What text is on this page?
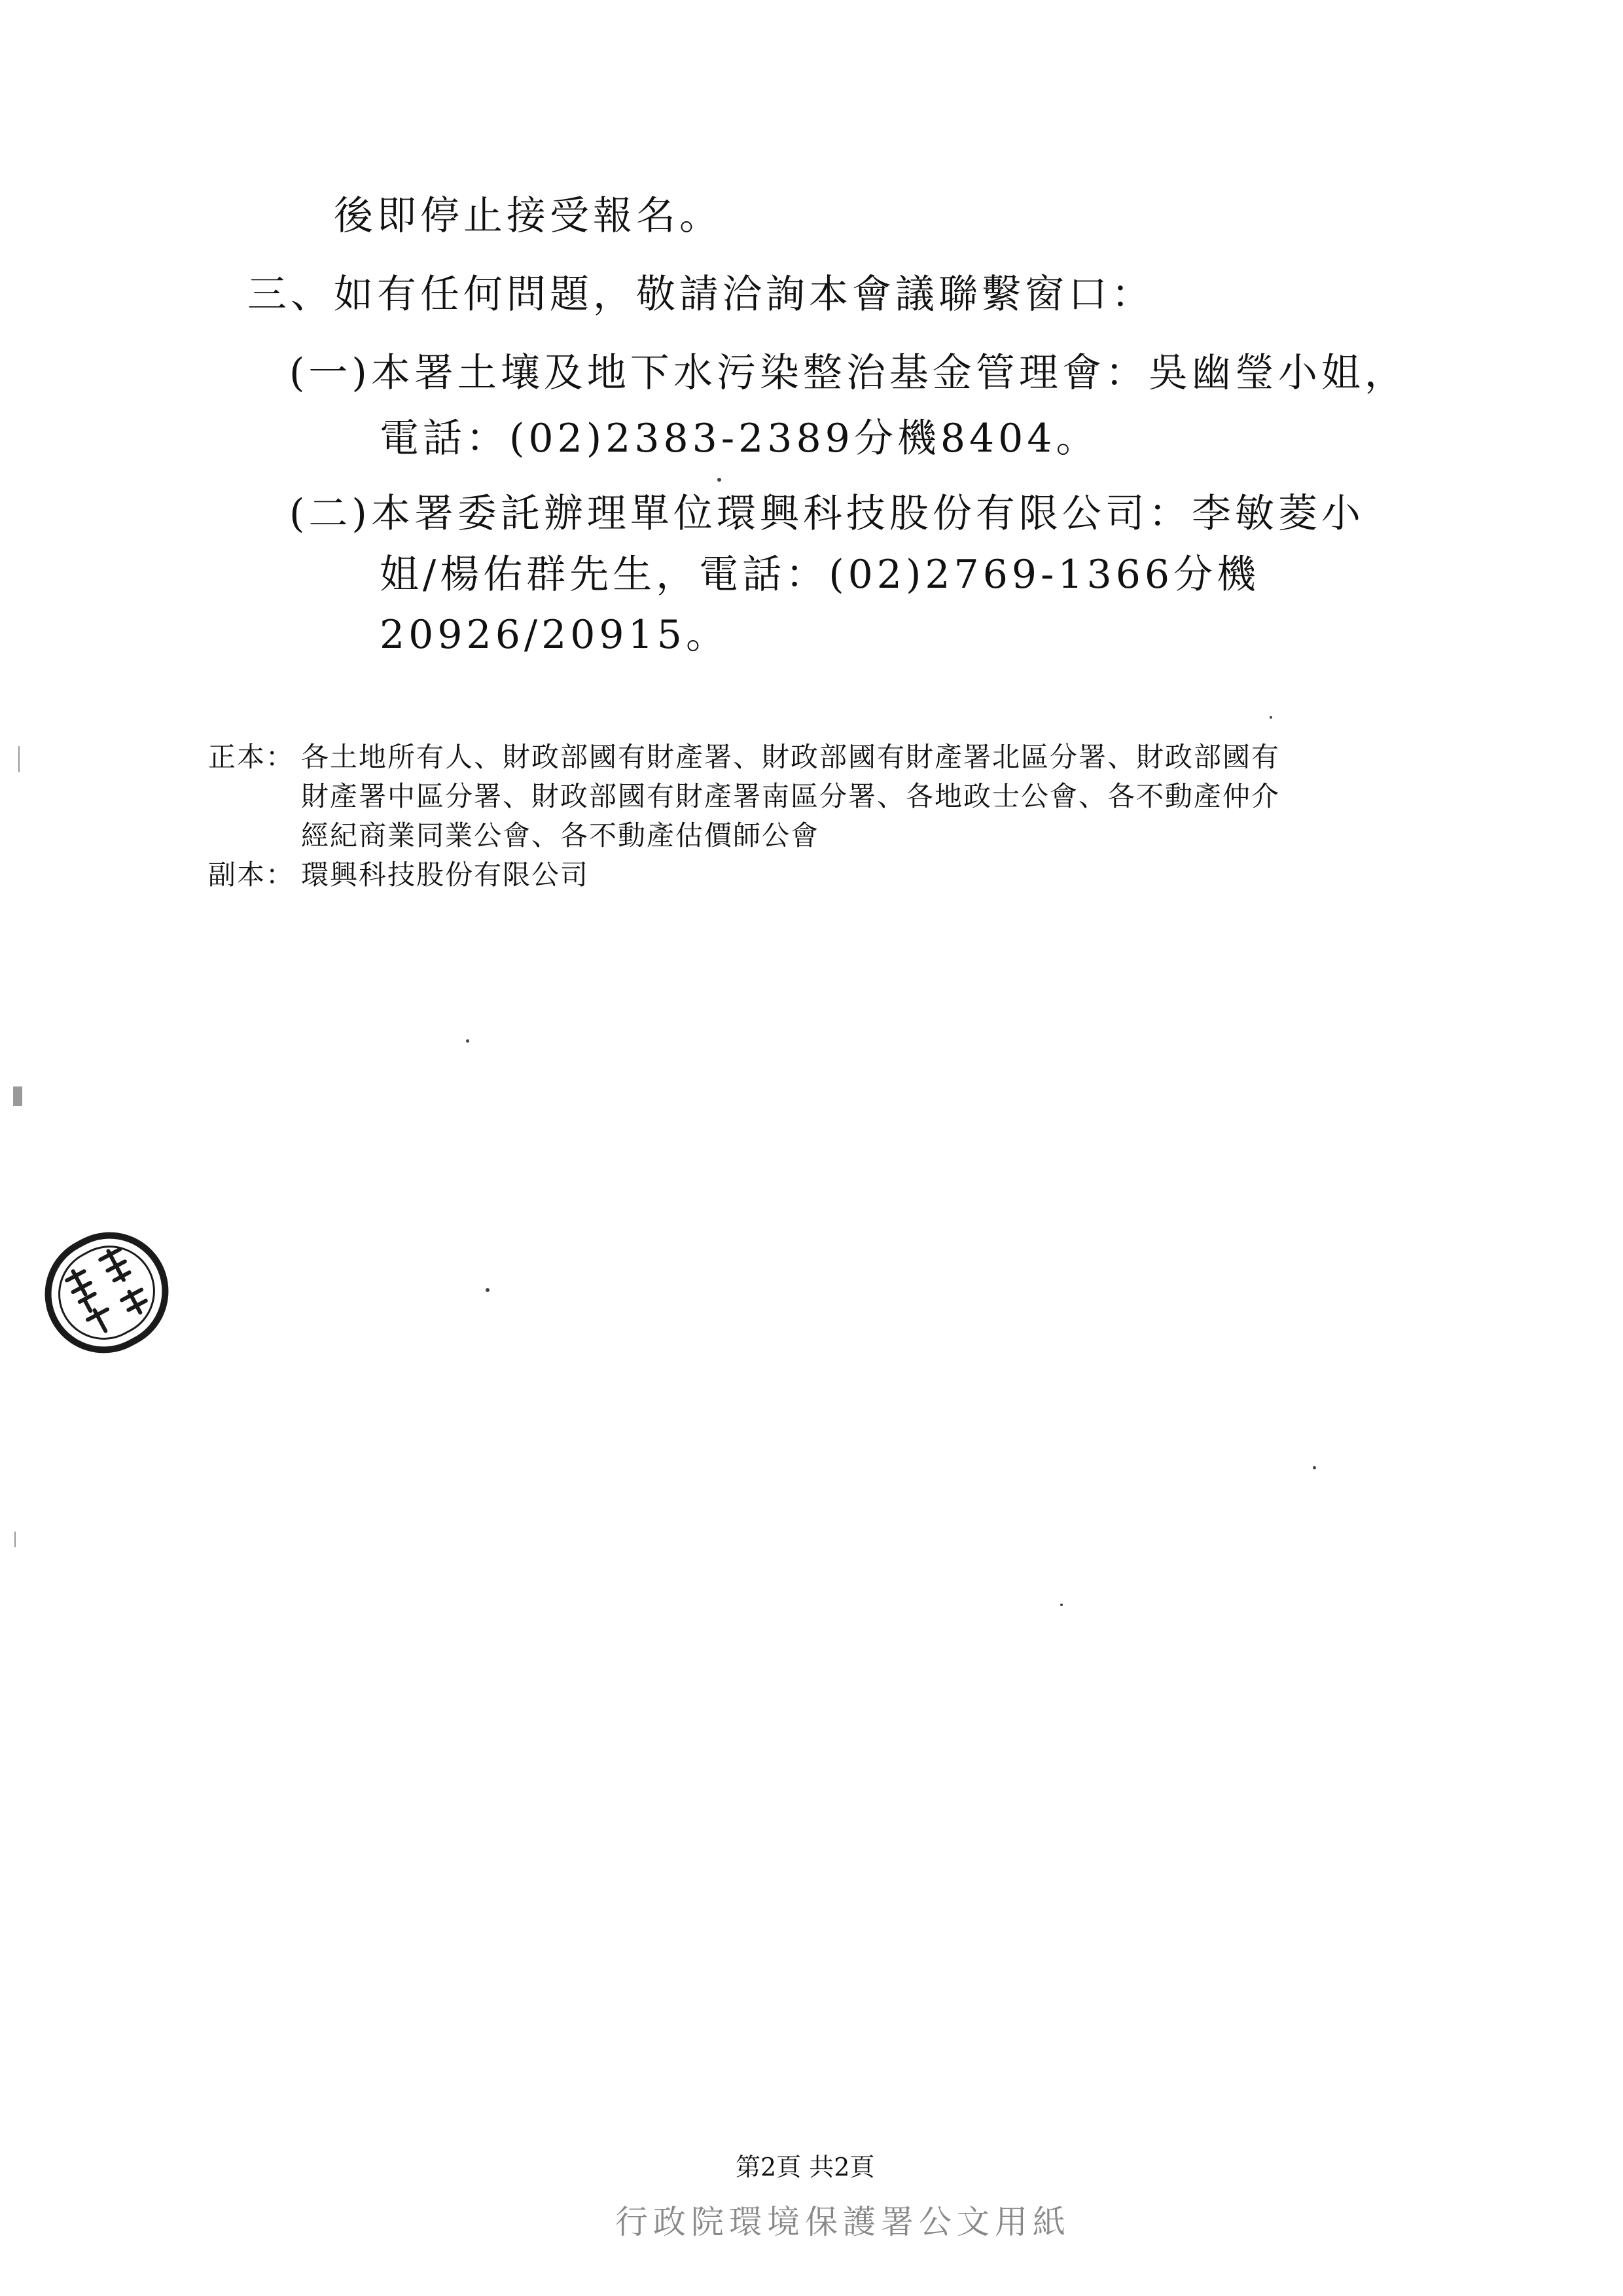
後即停止接受報名。
三、如有任何問題，敬請洽詢本會議聯繫窗口：
(一)本署土壤及地下水污染整治基金管理會：吳幽瑩小姐，
電話：(02)2383-2389分機8404。
(二)本署委託辦理單位環興科技股份有限公司：李敏菱小
姐/楊佑群先生，電話：(02)2769-1366分機
20926/20915。
正本： 各土地所有人、財政部國有財產署、財政部國有財產署北區分署、財政部國有
財產署中區分署、財政部國有財產署南區分署、各地政士公會、各不動產仲介
經紀商業同業公會、各不動產估價師公會
副本： 環興科技股份有限公司
第2頁 共2頁
行政院環境保護署公文用紙
